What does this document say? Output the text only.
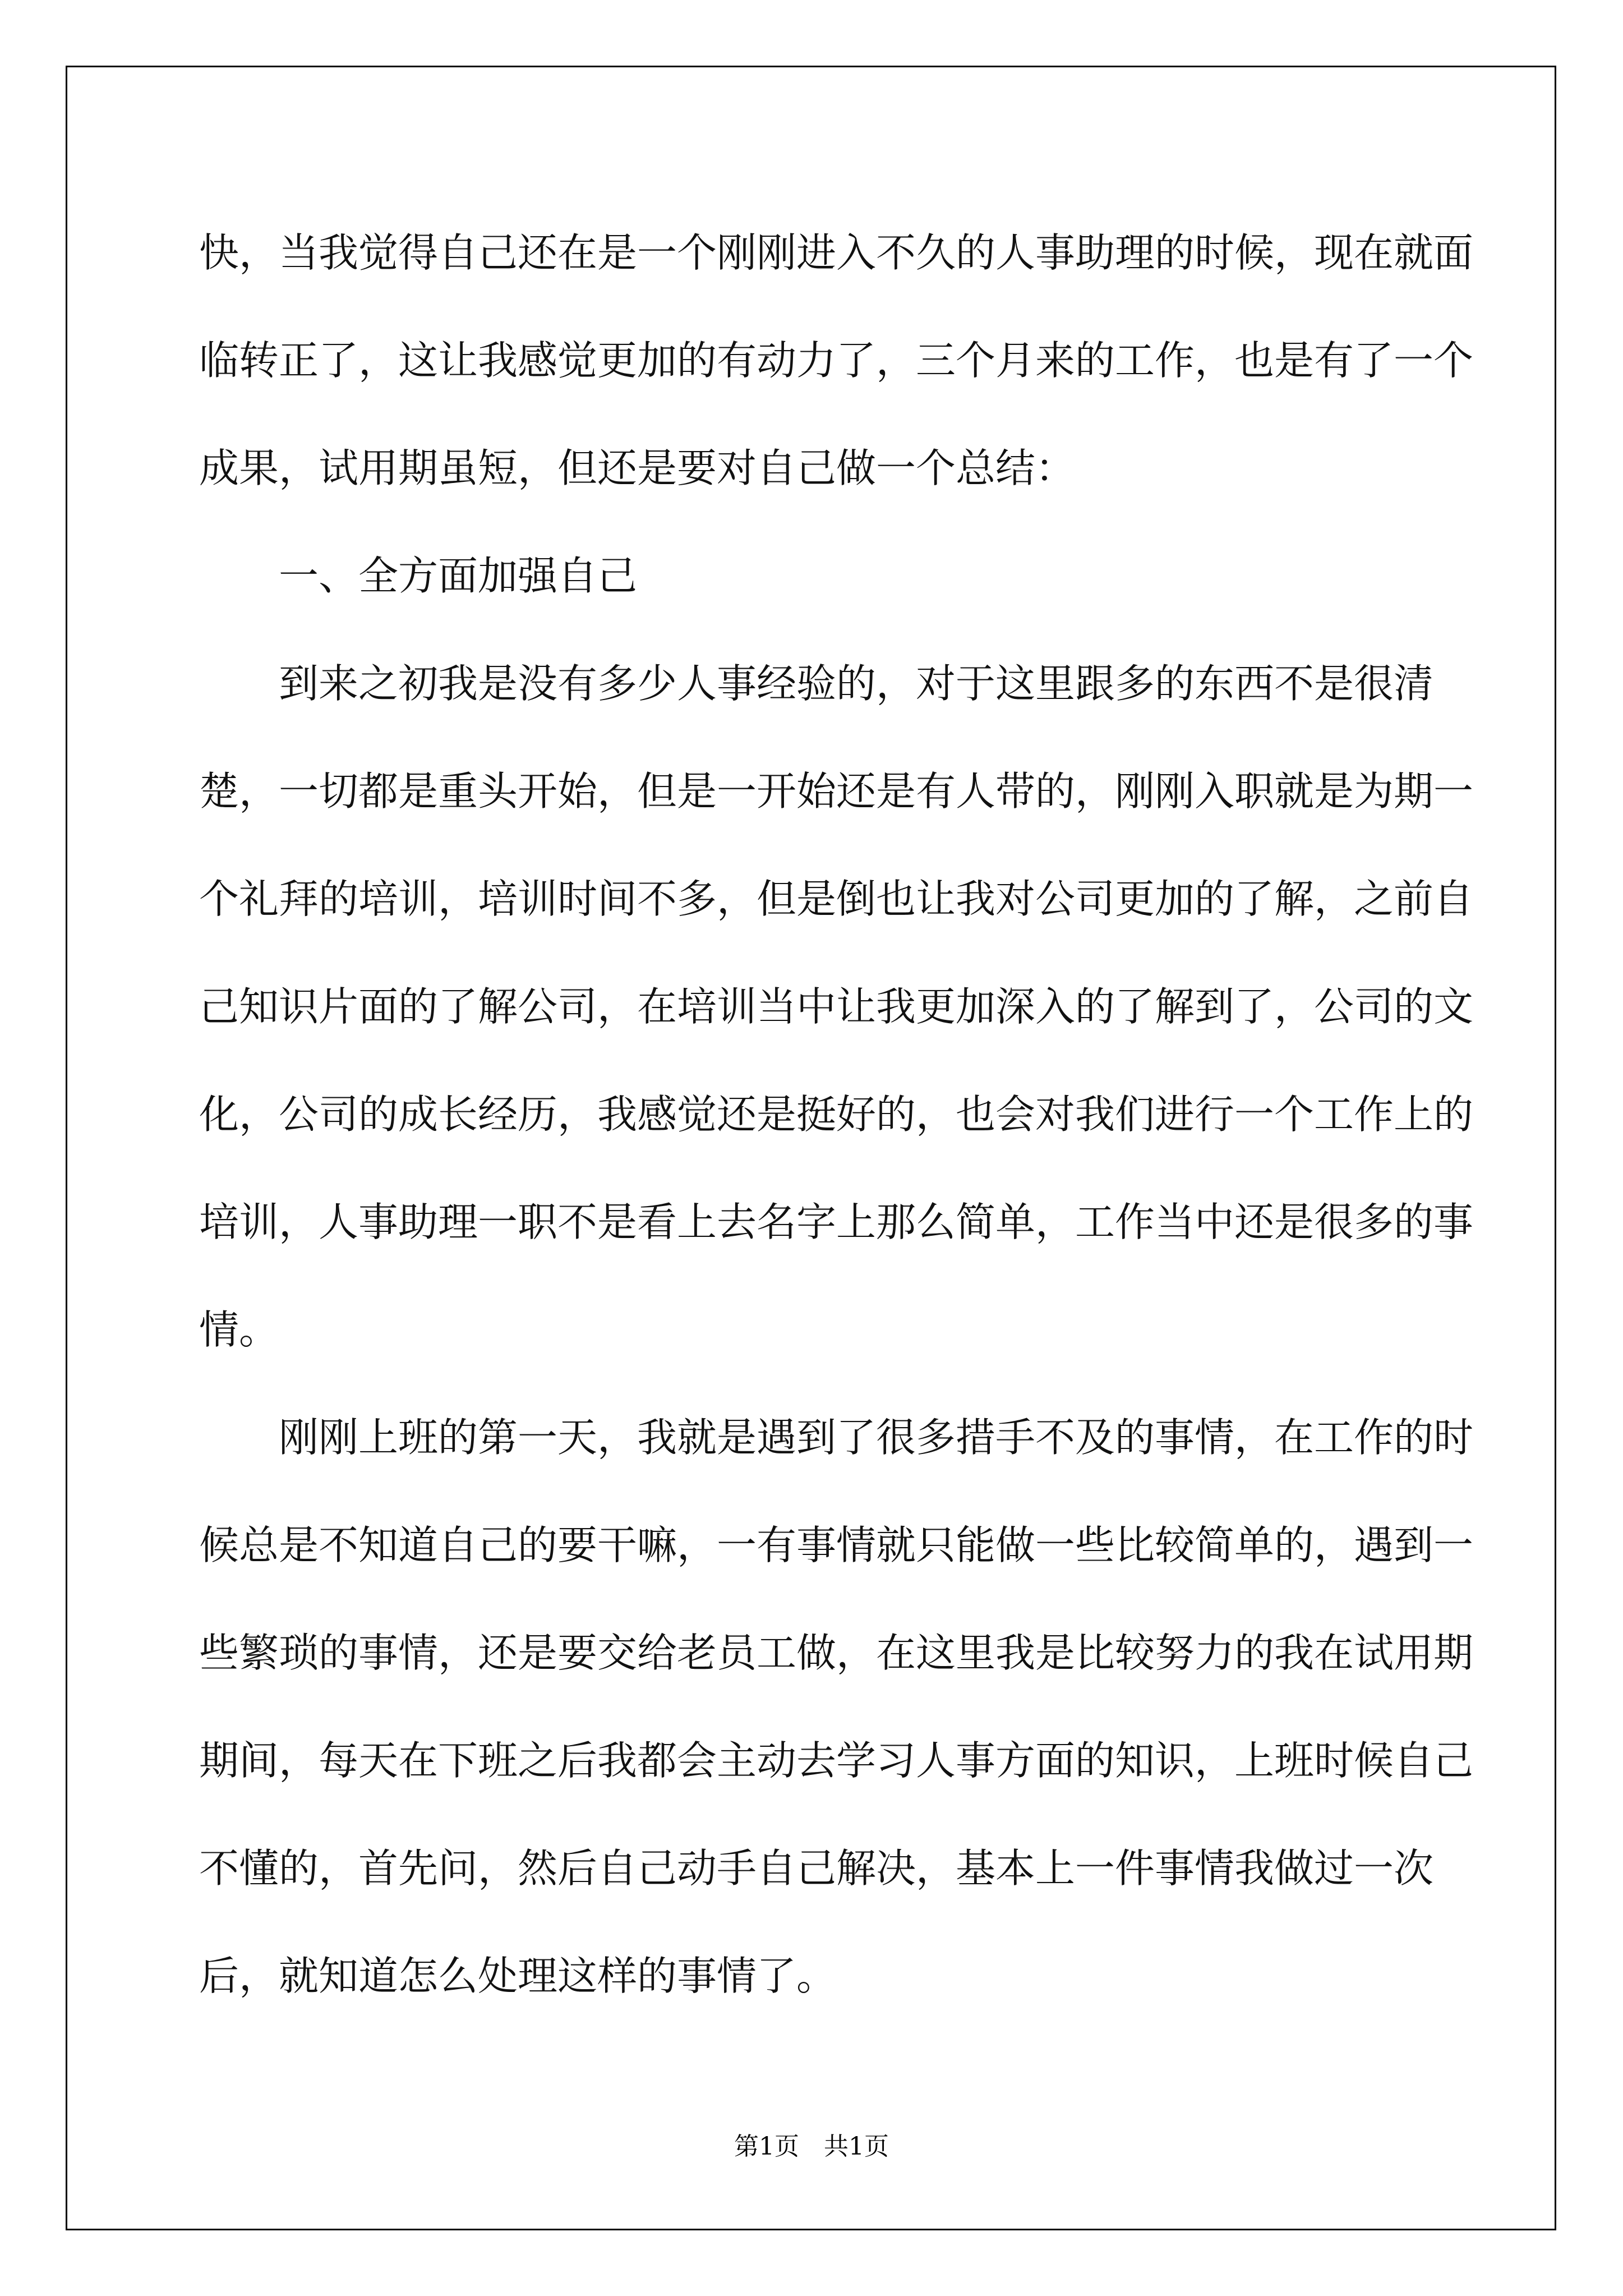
快，当我觉得自己还在是一个刚刚进入不久的人事助理的时候，现在就面临转正了，这让我感觉更加的有动力了，三个月来的工作，也是有了一个成果，试用期虽短，但还是要对自己做一个总结：

一、全方面加强自己

到来之初我是没有多少人事经验的，对于这里跟多的东西不是很清楚，一切都是重头开始，但是一开始还是有人带的，刚刚入职就是为期一个礼拜的培训，培训时间不多，但是倒也让我对公司更加的了解，之前自己知识片面的了解公司，在培训当中让我更加深入的了解到了，公司的文化，公司的成长经历，我感觉还是挺好的，也会对我们进行一个工作上的培训，人事助理一职不是看上去名字上那么简单，工作当中还是很多的事情。

刚刚上班的第一天，我就是遇到了很多措手不及的事情，在工作的时候总是不知道自己的要干嘛，一有事情就只能做一些比较简单的，遇到一些繁琐的事情，还是要交给老员工做，在这里我是比较努力的我在试用期期间，每天在下班之后我都会主动去学习人事方面的知识，上班时候自己不懂的，首先问，然后自己动手自己解决，基本上一件事情我做过一次后，就知道怎么处理这样的事情了。

第1页　共1页
